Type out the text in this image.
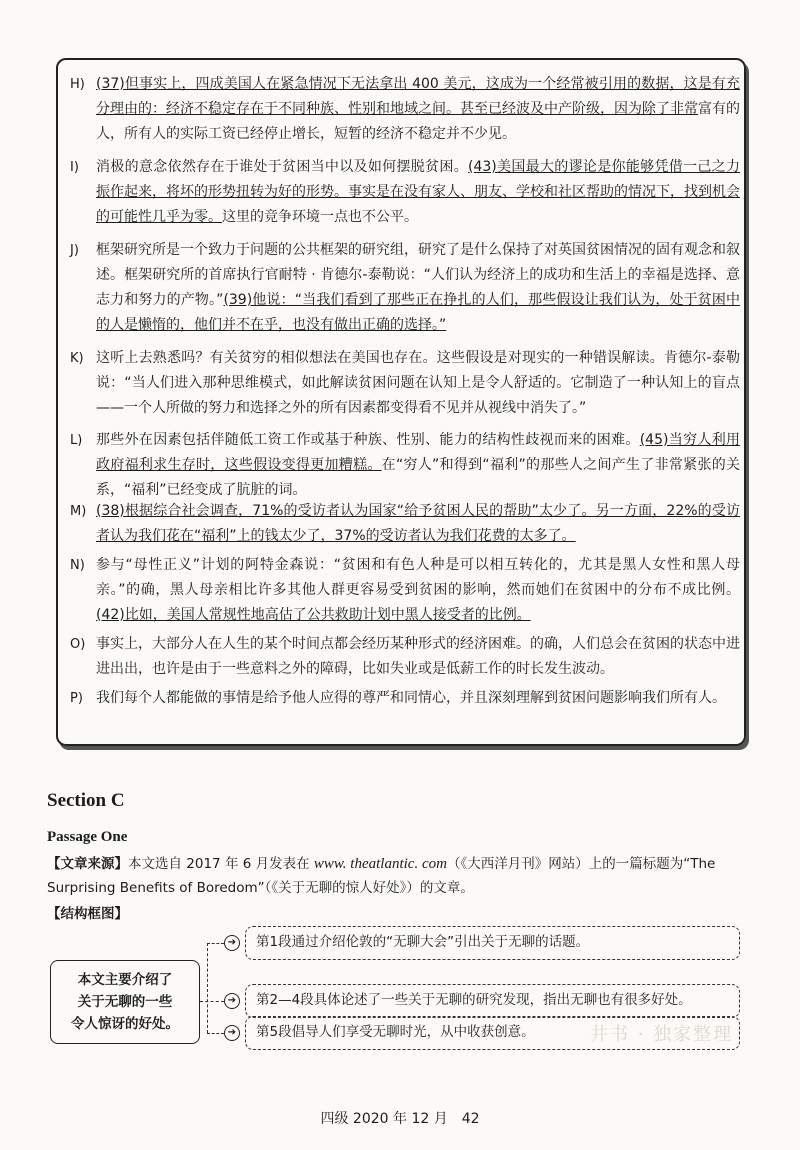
H) (37)但事实上，四成美国人在紧急情况下无法拿出 400 美元，这成为一个经常被引用的数据，这是有充分理由的：经济不稳定存在于不同种族、性别和地域之间。甚至已经波及中产阶级，因为除了非常富有的人，所有人的实际工资已经停止增长，短暂的经济不稳定并不少见。
I)	消极的意念依然存在于谁处于贫困当中以及如何摆脱贫困。(43)美国最大的谬论是你能够凭借一己之力振作起来，将坏的形势扭转为好的形势。事实是在没有家人、朋友、学校和社区帮助的情况下，找到机会的可能性几乎为零。这里的竞争环境一点也不公平。
J)	框架研究所是一个致力于问题的公共框架的研究组，研究了是什么保持了对英国贫困情况的固有观念和叙述。框架研究所的首席执行官耐特 · 肯德尔-泰勒说：“人们认为经济上的成功和生活上的幸福是选择、意志力和努力的产物。”(39)他说：“当我们看到了那些正在挣扎的人们，那些假设让我们认为，处于贫困中的人是懒惰的，他们并不在乎，也没有做出正确的选择。”
K) 这听上去熟悉吗？有关贫穷的相似想法在美国也存在。这些假设是对现实的一种错误解读。肯德尔-泰勒说：“当人们进入那种思维模式，如此解读贫困问题在认知上是令人舒适的。它制造了一种认知上的盲点——一个人所做的努力和选择之外的所有因素都变得看不见并从视线中消失了。”
L) 那些外在因素包括伴随低工资工作或基于种族、性别、能力的结构性歧视而来的困难。(45)当穷人利用政府福利求生存时，这些假设变得更加糟糕。在“穷人”和得到“福利”的那些人之间产生了非常紧张的关系，“福利”已经变成了肮脏的词。
M) (38)根据综合社会调查，71%的受访者认为国家“给予贫困人民的帮助”太少了。另一方面，22%的受访者认为我们花在“福利”上的钱太少了，37%的受访者认为我们花费的太多了。
N) 参与“母性正义”计划的阿特金森说：“贫困和有色人种是可以相互转化的，尤其是黑人女性和黑人母亲。”的确，黑人母亲相比许多其他人群更容易受到贫困的影响，然而她们在贫困中的分布不成比例。(42)比如，美国人常规性地高估了公共救助计划中黑人接受者的比例。
O) 事实上，大部分人在人生的某个时间点都会经历某种形式的经济困难。的确，人们总会在贫困的状态中进进出出，也许是由于一些意料之外的障碍，比如失业或是低薪工作的时长发生波动。
P) 我们每个人都能做的事情是给予他人应得的尊严和同情心，并且深刻理解到贫困问题影响我们所有人。
Section C
Passage One
【文章来源】本文选自 2017 年 6 月发表在 www. theatlantic. com（《大西洋月刊》网站）上的一篇标题为“The Surprising Benefits of Boredom”（《关于无聊的惊人好处》）的文章。
【结构框图】
本文主要介绍了
关于无聊的一些
令人惊讶的好处。
➔
➔
➔
第1段通过介绍伦敦的“无聊大会”引出关于无聊的话题。
第2—4段具体论述了一些关于无聊的研究发现，指出无聊也有很多好处。
第5段倡导人们享受无聊时光，从中收获创意。	井书 · 独家整理
四级 2020 年 12 月　42
